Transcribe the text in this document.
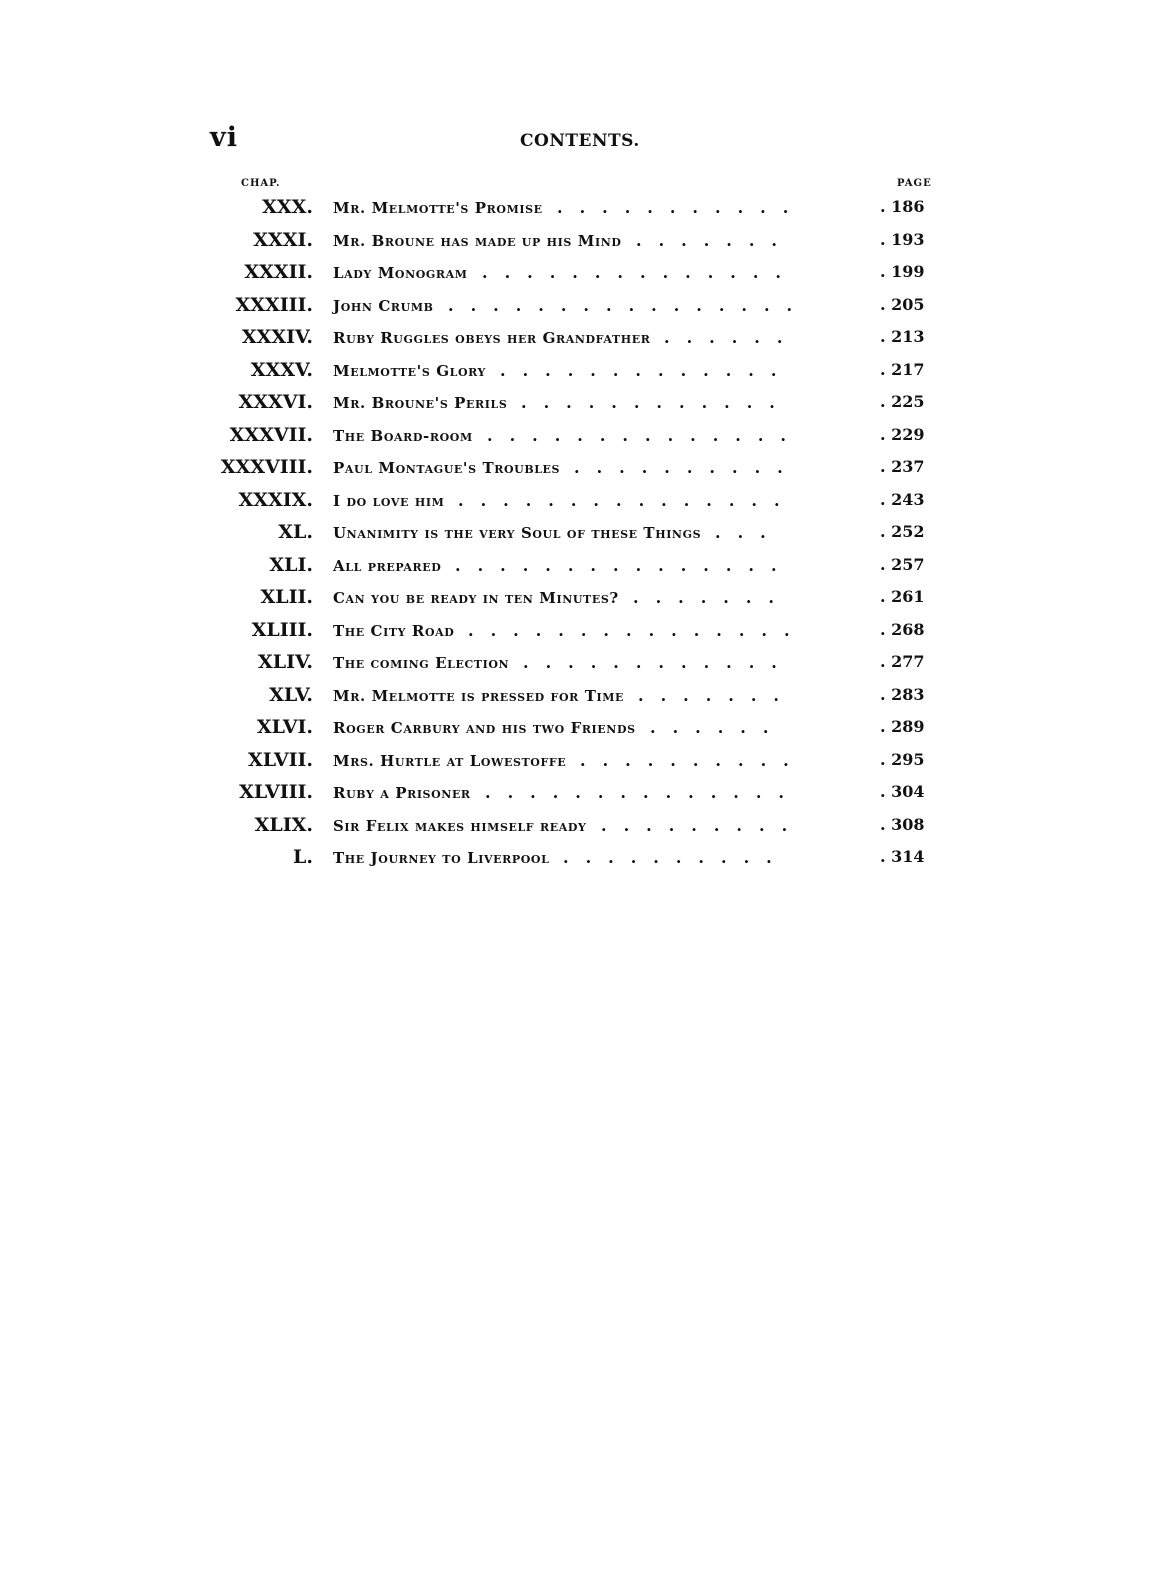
vi	CONTENTS.
CHAP.	PAGE
XXX. Mr. Melmotte's Promise ...........	. 186
XXXI. Mr. Broune has made up his Mind .......	. 193
XXXII. Lady Monogram ..............	. 199
XXXIII. John Crumb ................	. 205
XXXIV. Ruby Ruggles obeys her Grandfather ......	. 213
XXXV. Melmotte's Glory .............	. 217
XXXVI. Mr. Broune's Perils ............	. 225
XXXVII. The Board-room ..............	. 229
XXXVIII. Paul Montague's Troubles ..........	. 237
XXXIX. I do love him ...............	. 243
XL. Unanimity is the very Soul of these Things ...	. 252
XLI. All prepared ...............	. 257
XLII. Can you be ready in ten Minutes? .......	. 261
XLIII. The City Road ...............	. 268
XLIV. The coming Election ............	. 277
XLV. Mr. Melmotte is pressed for Time .......	. 283
XLVI. Roger Carbury and his two Friends ......	. 289
XLVII. Mrs. Hurtle at Lowestoffe ..........	. 295
XLVIII. Ruby a Prisoner ..............	. 304
XLIX. Sir Felix makes himself ready .........	. 308
L. The Journey to Liverpool ..........	. 314
